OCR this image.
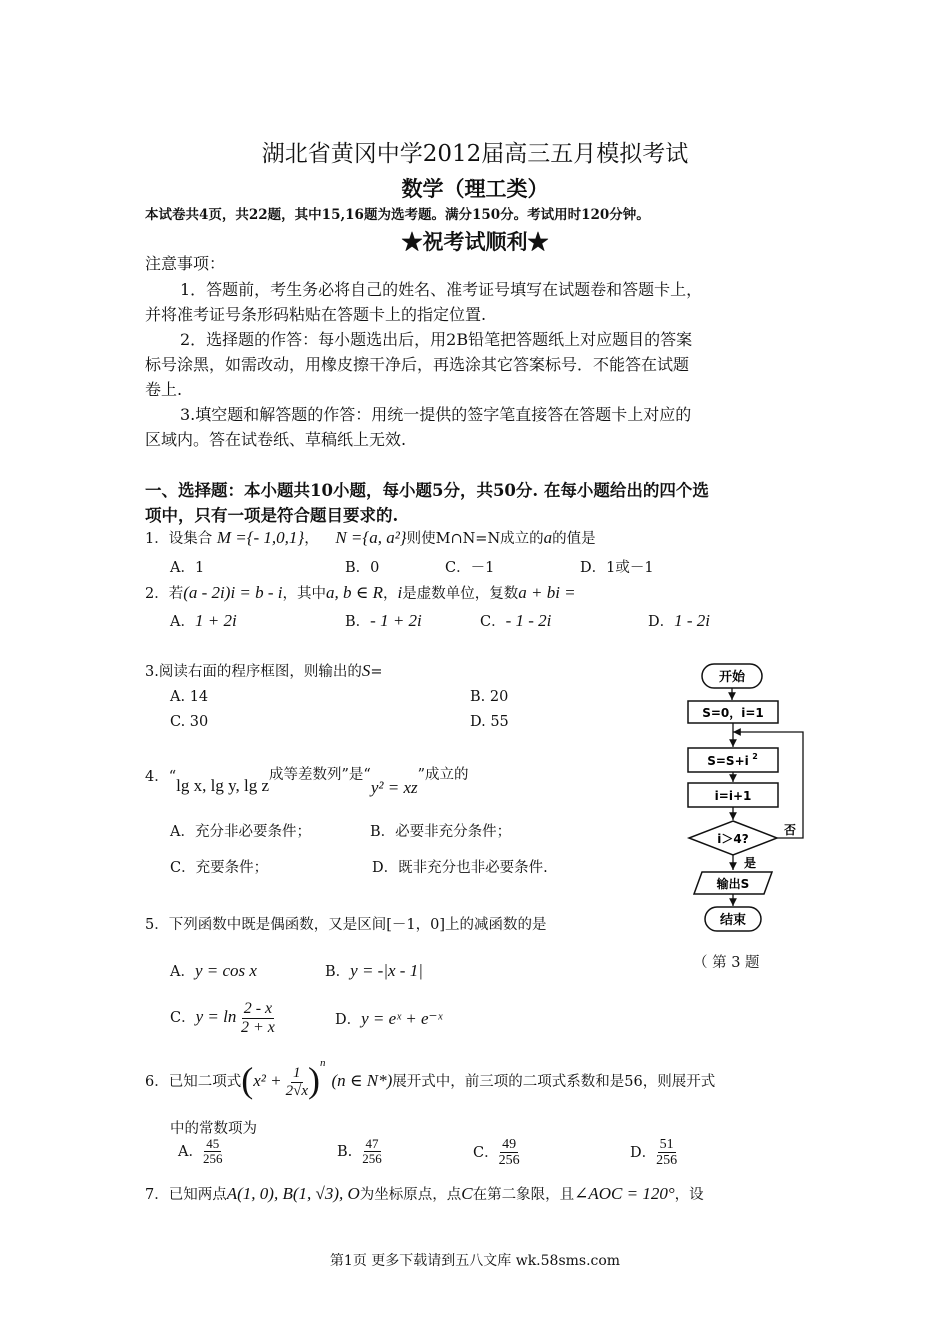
湖北省黄冈中学2012届高三五月模拟考试
数学（理工类）
本试卷共4页，共22题，其中15,16题为选考题。满分150分。考试用时120分钟。
★祝考试顺利★
注意事项：
1．答题前，考生务必将自己的姓名、准考证号填写在试题卷和答题卡上，
并将准考证号条形码粘贴在答题卡上的指定位置.
2．选择题的作答：每小题选出后，用2B铅笔把答题纸上对应题目的答案
标号涂黑，如需改动，用橡皮擦干净后，再选涂其它答案标号．不能答在试题
卷上.
3.填空题和解答题的作答：用统一提供的签字笔直接答在答题卡上对应的
区域内。答在试卷纸、草稿纸上无效.
一、选择题：本小题共10小题，每小题5分，共50分. 在每小题给出的四个选
项中，只有一项是符合题目要求的.
1．设集合 M ={- 1,0,1}， N ={a, a²}则使M∩N=N成立的a的值是
A．1	B．0	C．－1	D．1或－1
2．若(a - 2i)i = b - i，其中a, b ∈ R，i是虚数单位，复数a + bi =
A．1 + 2i	B．- 1 + 2i	C．- 1 - 2i	D．1 - 2i
3.阅读右面的程序框图，则输出的S=
A. 14	B. 20
C. 30	D. 55
开始
S=0，i=1
S=S+i 2
i=i+1
i＞4?
否
是
输出S
结束
（ 第 3 题
4．“lg x, lg y, lg z成等差数列”是“y² = xz”成立的
A．充分非必要条件；	B．必要非充分条件；
C．充要条件；	D．既非充分也非必要条件.
5．下列函数中既是偶函数，又是区间[－1，0]上的减函数的是
A．y = cos x	B．y = -|x - 1|
C．$y = \ln \frac{2 - x}{2 + x}$	D．y = eˣ + e⁻ˣ
6．已知二项式$(x^2 + \frac{1}{2√x} )^n(n$ ∈ N*)展开式中，前三项的二项式系数和是56，则展开式
中的常数项为
A． $\frac{45}{256}$	B. $\frac{47}{256}$	C． $\frac{49}{256}$	D． $\frac{51}{256}$
7．已知两点A(1, 0), B(1, √3), O为坐标原点，点C在第二象限，且∠AOC = 120°，设
第1页 更多下载请到五八文库 wk.58sms.com
